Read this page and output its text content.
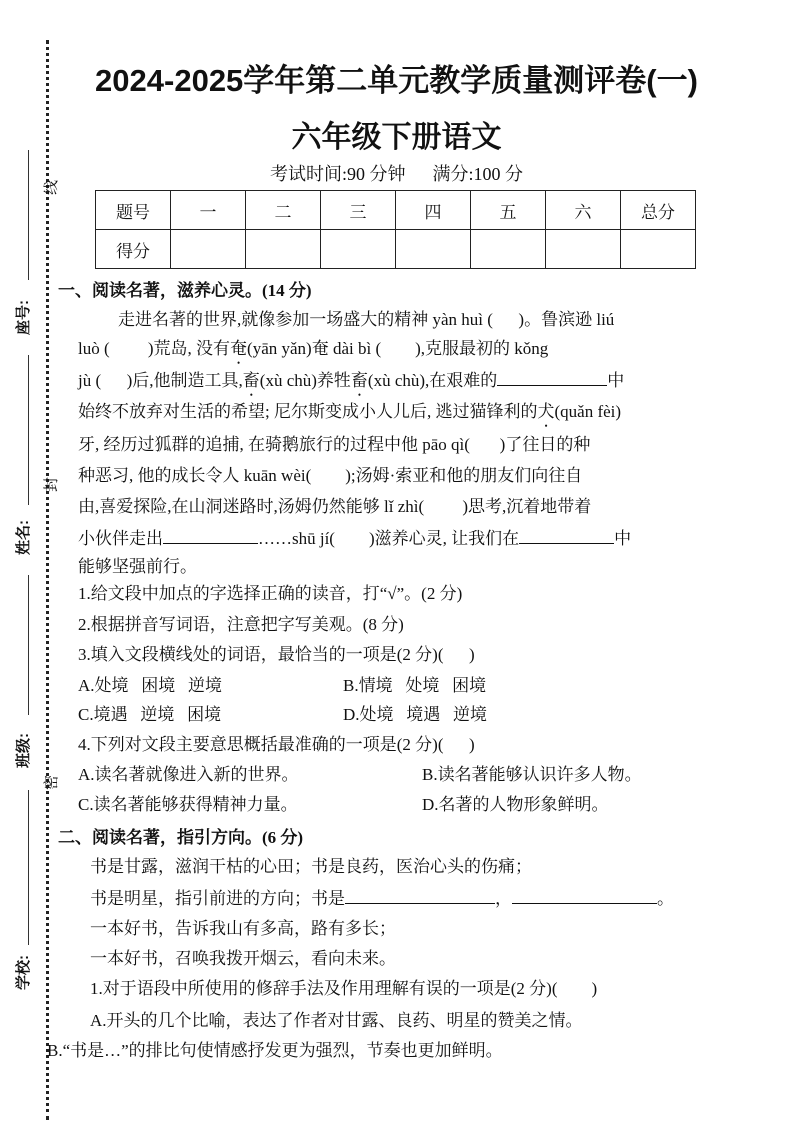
座号:
姓名:
班级:
学校:
线
封
密
2024-2025学年第二单元教学质量测评卷(一)
六年级下册语文
考试时间:90 分钟      满分:100 分
题号	一	二	三	四	五	六	总分
得分							
一、阅读名著，滋养心灵。(14 分)
走进名著的世界,就像参加一场盛大的精神 yàn huì (      )。鲁滨逊 liú
luò (         )荒岛, 没有奄(yān yǎn)奄 dài bì (        ),克服最初的 kǒng
jù (      )后,他制造工具,畜(xù chù)养牲畜(xù chù),在艰难的	中
始终不放弃对生活的希望; 尼尔斯变成小人儿后, 逃过猫锋利的犬(quǎn fèi)
牙, 经历过狐群的追捕, 在骑鹅旅行的过程中他 pāo qì(       )了往日的种
种恶习, 他的成长令人 kuān wèi(        );汤姆·索亚和他的朋友们向往自
由,喜爱探险,在山洞迷路时,汤姆仍然能够 lǐ zhì(         )思考,沉着地带着
小伙伴走出	……shū jí(        )滋养心灵, 让我们在	中
能够坚强前行。
1.给文段中加点的字选择正确的读音，打“√”。(2 分)
2.根据拼音写词语，注意把字写美观。(8 分)
3.填入文段横线处的词语，最恰当的一项是(2 分)(      )
A.处境   困境   逆境	B.情境   处境   困境
C.境遇   逆境   困境	D.处境   境遇   逆境
4.下列对文段主要意思概括最准确的一项是(2 分)(      )
A.读名著就像进入新的世界。	B.读名著能够认识许多人物。
C.读名著能够获得精神力量。	D.名著的人物形象鲜明。
二、阅读名著，指引方向。(6 分)
书是甘露，滋润干枯的心田；书是良药，医治心头的伤痛；
书是明星，指引前进的方向；书是	，	。
一本好书，告诉我山有多高，路有多长；
一本好书，召唤我拨开烟云，看向未来。
1.对于语段中所使用的修辞手法及作用理解有误的一项是(2 分)(        )
A.开头的几个比喻，表达了作者对甘露、良药、明星的赞美之情。
B.“书是…”的排比句使情感抒发更为强烈，节奏也更加鲜明。
